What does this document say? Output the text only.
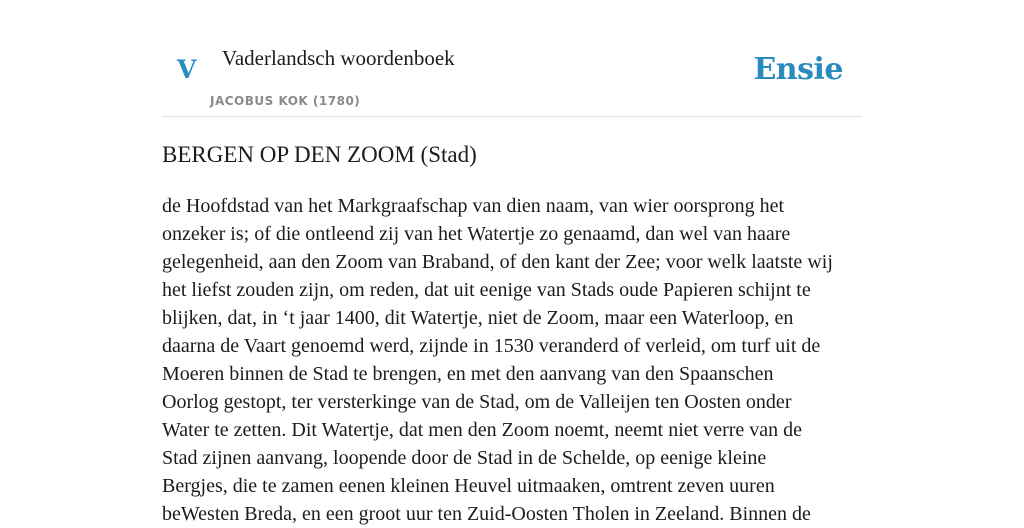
V Vaderlandsch woordenboek
JACOBUS KOK (1780)
Ensie
BERGEN OP DEN ZOOM (Stad)

de Hoofdstad van het Markgraafschap van dien naam, van wier oorsprong het
onzeker is; of die ontleend zij van het Watertje zo genaamd, dan wel van haare
gelegenheid, aan den Zoom van Braband, of den kant der Zee; voor welk laatste wij
het liefst zouden zijn, om reden, dat uit eenige van Stads oude Papieren schijnt te
blijken, dat, in ‘t jaar 1400, dit Watertje, niet de Zoom, maar een Waterloop, en
daarna de Vaart genoemd werd, zijnde in 1530 veranderd of verleid, om turf uit de
Moeren binnen de Stad te brengen, en met den aanvang van den Spaanschen
Oorlog gestopt, ter versterkinge van de Stad, om de Valleijen ten Oosten onder
Water te zetten. Dit Watertje, dat men den Zoom noemt, neemt niet verre van de
Stad zijnen aanvang, loopende door de Stad in de Schelde, op eenige kleine
Bergjes, die te zamen eenen kleinen Heuvel uitmaaken, omtrent zeven uuren
beWesten Breda, en een groot uur ten Zuid-Oosten Tholen in Zeeland. Binnen de
